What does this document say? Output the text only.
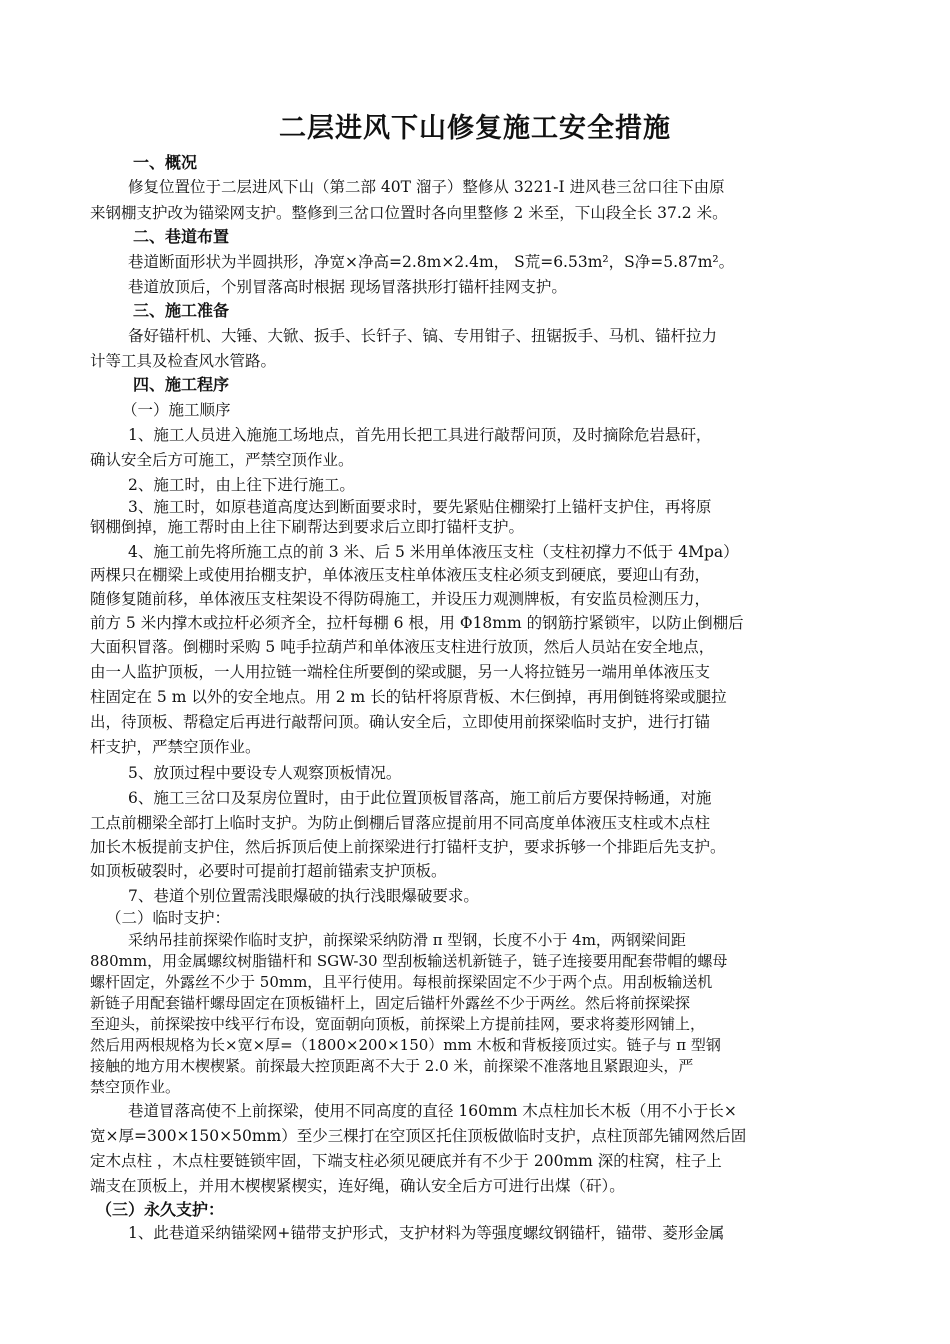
二层进风下山修复施工安全措施
一、概况
修复位置位于二层进风下山（第二部 40T 溜子）整修从 3221-Ⅰ 进风巷三岔口往下由原
来钢棚支护改为锚梁网支护。整修到三岔口位置时各向里整修 2 米至，下山段全长 37.2 米。
二、巷道布置
巷道断面形状为半圆拱形，净宽×净高=2.8m×2.4m， S荒=6.53m²，S净=5.87m²。
巷道放顶后，个别冒落高时根据 现场冒落拱形打锚杆挂网支护。
三、施工准备
备好锚杆机、大锤、大锨、扳手、长钎子、镐、专用钳子、扭锯扳手、马机、锚杆拉力
计等工具及检查风水管路。
四、施工程序
（一）施工顺序
1、施工人员进入施施工场地点，首先用长把工具进行敲帮问顶，及时摘除危岩悬矸，
确认安全后方可施工，严禁空顶作业。
2、施工时，由上往下进行施工。
3、施工时，如原巷道高度达到断面要求时，要先紧贴住棚梁打上锚杆支护住，再将原
钢棚倒掉，施工帮时由上往下刷帮达到要求后立即打锚杆支护。
4、施工前先将所施工点的前 3 米、后 5 米用单体液压支柱（支柱初撑力不低于 4Mpa）
两棵只在棚梁上或使用抬棚支护，单体液压支柱单体液压支柱必须支到硬底，要迎山有劲，
随修复随前移，单体液压支柱架设不得防碍施工，并设压力观测牌板，有安监员检测压力，
前方 5 米内撑木或拉杆必须齐全，拉杆每棚 6 根，用 Φ18mm 的钢筋拧紧锁牢，以防止倒棚后
大面积冒落。倒棚时采购 5 吨手拉葫芦和单体液压支柱进行放顶，然后人员站在安全地点，
由一人监护顶板，一人用拉链一端栓住所要倒的梁或腿，另一人将拉链另一端用单体液压支
柱固定在 5 m 以外的安全地点。用 2 m 长的钻杆将原背板、木仨倒掉，再用倒链将梁或腿拉
出，待顶板、帮稳定后再进行敲帮问顶。确认安全后，立即使用前探梁临时支护，进行打锚
杆支护，严禁空顶作业。
5、放顶过程中要设专人观察顶板情况。
6、施工三岔口及泵房位置时，由于此位置顶板冒落高，施工前后方要保持畅通，对施
工点前棚梁全部打上临时支护。为防止倒棚后冒落应提前用不同高度单体液压支柱或木点柱
加长木板提前支护住，然后拆顶后使上前探梁进行打锚杆支护，要求拆够一个排距后先支护。
如顶板破裂时，必要时可提前打超前锚索支护顶板。
7、巷道个别位置需浅眼爆破的执行浅眼爆破要求。
（二）临时支护：
采纳吊挂前探梁作临时支护，前探梁采纳防滑 π 型钢，长度不小于 4m，两钢梁间距
880mm，用金属螺纹树脂锚杆和 SGW-30 型刮板输送机新链子，链子连接要用配套带帽的螺母
螺杆固定，外露丝不少于 50mm，且平行使用。每根前探梁固定不少于两个点。用刮板输送机
新链子用配套锚杆螺母固定在顶板锚杆上，固定后锚杆外露丝不少于两丝。然后将前探梁探
至迎头，前探梁按中线平行布设，宽面朝向顶板，前探梁上方提前挂网，要求将菱形网铺上，
然后用两根规格为长×宽×厚=（1800×200×150）mm 木板和背板接顶过实。链子与 π 型钢
接触的地方用木楔楔紧。前探最大控顶距离不大于 2.0 米，前探梁不准落地且紧跟迎头，严
禁空顶作业。
巷道冒落高使不上前探梁，使用不同高度的直径 160mm 木点柱加长木板（用不小于长×
宽×厚=300×150×50mm）至少三棵打在空顶区托住顶板做临时支护，点柱顶部先铺网然后固
定木点柱 ，木点柱要链锁牢固，下端支柱必须见硬底并有不少于 200mm 深的柱窝，柱子上
端支在顶板上，并用木楔楔紧楔实，连好绳，确认安全后方可进行出煤（矸）。
（三）永久支护：
1、此巷道采纳锚梁网+锚带支护形式，支护材料为等强度螺纹钢锚杆，锚带、菱形金属
